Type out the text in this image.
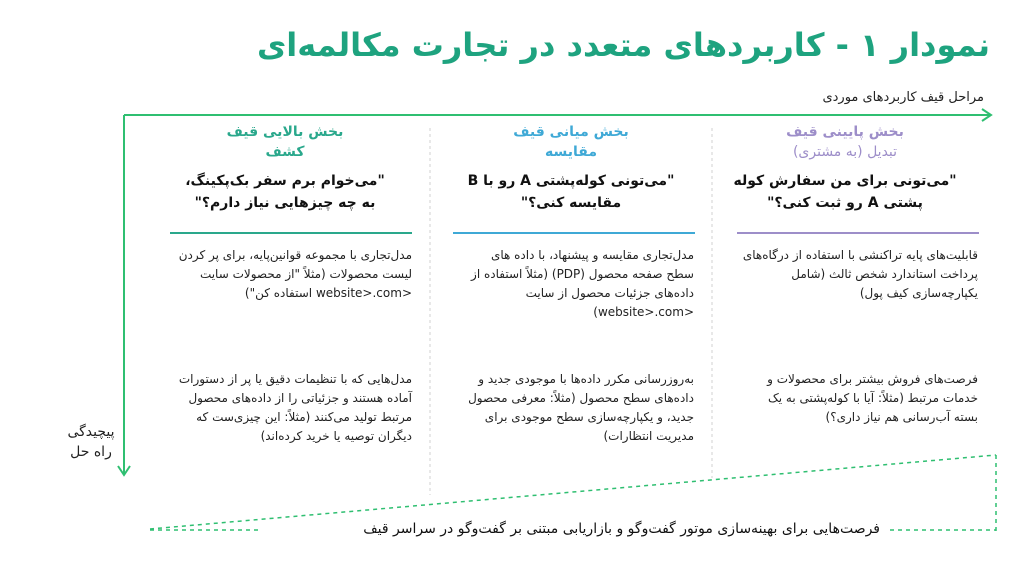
نمودار ۱ - کاربردهای متعدد در تجارت مکالمه‌ای
مراحل قیف کاربردهای موردی
پیچیدگی
راه حل
بخش پایینی قیف
تبدیل (به مشتری)
"می‌تونی برای من سفارش کوله
پشتی A رو ثبت کنی؟"
قابلیت‌های پایه تراکنشی با استفاده از درگاه‌های پرداخت استاندارد شخص ثالث (شامل یکپارچه‌سازی کیف پول)
فرصت‌های فروش بیشتر برای محصولات و خدمات مرتبط (مثلاً: آیا با کوله‌پشتی به یک بسته آب‌رسانی هم نیاز داری؟)
بخش میانی قیف
مقایسه
"می‌تونی کوله‌پشتی A رو با B
مقایسه کنی؟"
مدل‌تجاری مقایسه و پیشنهاد، با داده های سطح صفحه محصول (PDP) (مثلاً استفاده از داده‌های جزئیات محصول از سایت <website>.com)
به‌روزرسانی مکرر داده‌ها با موجودی جدید و داده‌های سطح محصول (مثلاً: معرفی محصول جدید، و یکپارچه‌سازی سطح موجودی برای مدیریت انتظارات)
بخش بالایی قیف
کشف
"می‌خوام برم سفر بک‌پکینگ،
به چه چیزهایی نیاز دارم؟"
مدل‌تجاری با مجموعه قوانین‌پایه، برای پر کردن لیست محصولات (مثلاً "از محصولات سایت <website>.com استفاده کن")
مدل‌هایی که با تنظیمات دقیق یا پر از دستورات آماده هستند و جزئیاتی را از داده‌های محصول مرتبط تولید می‌کنند (مثلاً: این چیزی‌ست که دیگران توصیه یا خرید کرده‌اند)
فرصت‌هایی برای بهینه‌سازی موتور گفت‌وگو و بازاریابی مبتنی بر گفت‌وگو در سراسر قیف
